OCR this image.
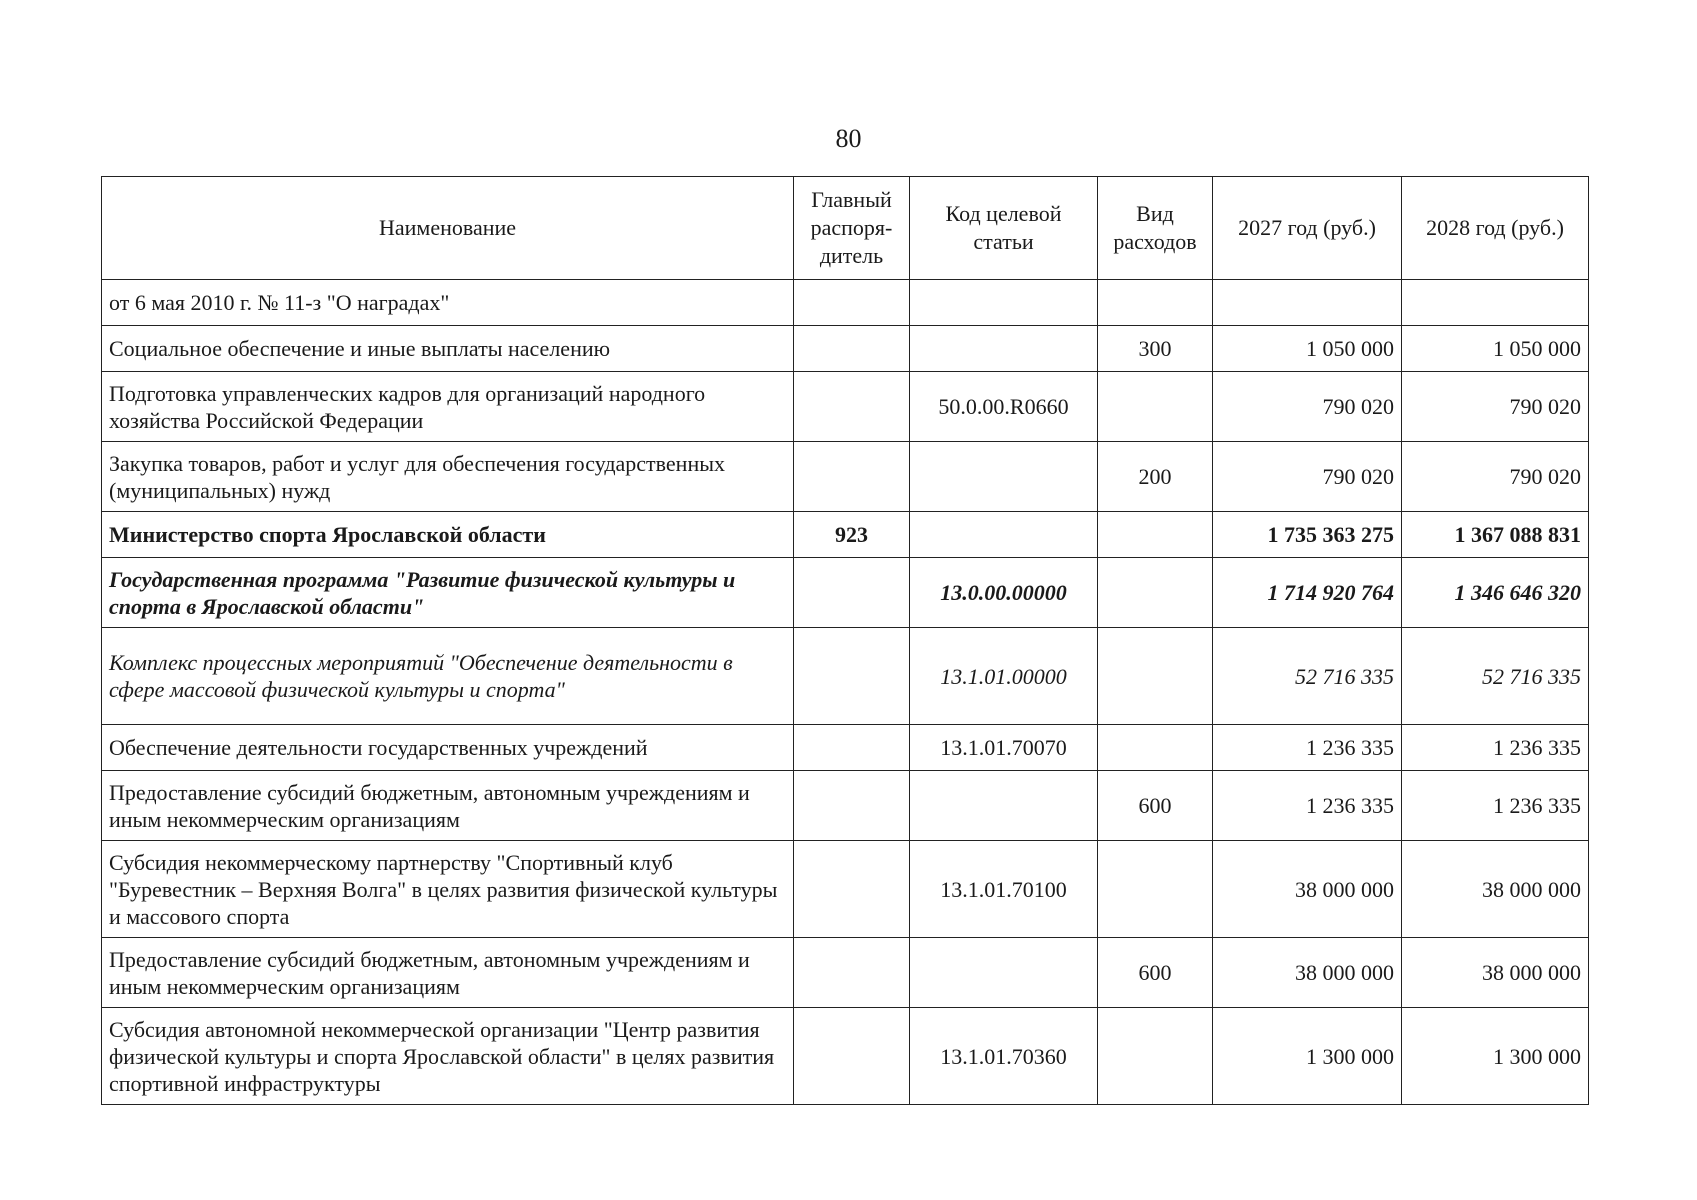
80
Наименование	Главный распоря-дитель	Код целевой статьи	Вид расходов	2027 год (руб.)	2028 год (руб.)
от 6 мая 2010 г. № 11-з "О наградах"					
Социальное обеспечение и иные выплаты населению			300	1 050 000	1 050 000
Подготовка управленческих кадров для организаций народного хозяйства Российской Федерации		50.0.00.R0660		790 020	790 020
Закупка товаров, работ и услуг для обеспечения государственных (муниципальных) нужд			200	790 020	790 020
Министерство спорта Ярославской области	923			1 735 363 275	1 367 088 831
Государственная программа "Развитие физической культуры и спорта в Ярославской области"		13.0.00.00000		1 714 920 764	1 346 646 320
Комплекс процессных мероприятий "Обеспечение деятельности в сфере массовой физической культуры и спорта"		13.1.01.00000		52 716 335	52 716 335
Обеспечение деятельности государственных учреждений		13.1.01.70070		1 236 335	1 236 335
Предоставление субсидий бюджетным, автономным учреждениям и иным некоммерческим организациям			600	1 236 335	1 236 335
Субсидия некоммерческому партнерству "Спортивный клуб "Буревестник – Верхняя Волга" в целях развития физической культуры и массового спорта		13.1.01.70100		38 000 000	38 000 000
Предоставление субсидий бюджетным, автономным учреждениям и иным некоммерческим организациям			600	38 000 000	38 000 000
Субсидия автономной некоммерческой организации "Центр развития физической культуры и спорта Ярославской области" в целях развития спортивной инфраструктуры		13.1.01.70360		1 300 000	1 300 000
